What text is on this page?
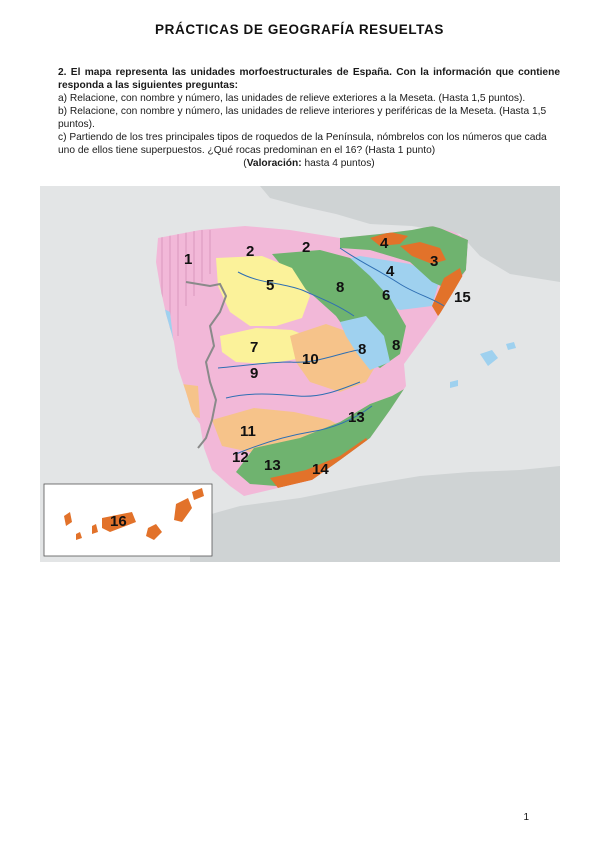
PRÁCTICAS DE GEOGRAFÍA RESUELTAS

2. El mapa representa las unidades morfoestructurales de España. Con la información que contiene responda a las siguientes preguntas:

a) Relacione, con nombre y número, las unidades de relieve exteriores a la Meseta. (Hasta 1,5 puntos).

b) Relacione, con nombre y número, las unidades de relieve interiores y periféricas de la Meseta. (Hasta 1,5 puntos).

c) Partiendo de los tres principales tipos de roquedos de la Península, nómbrelos con los números que cada uno de ellos tiene superpuestos. ¿Qué rocas predominan en el 16? (Hasta 1 punto)

(Valoración: hasta 4 puntos)

1	2	2	4
3
4
5	8	6	15
7
10
8 8
9
13
11
12 13 14
16
1
